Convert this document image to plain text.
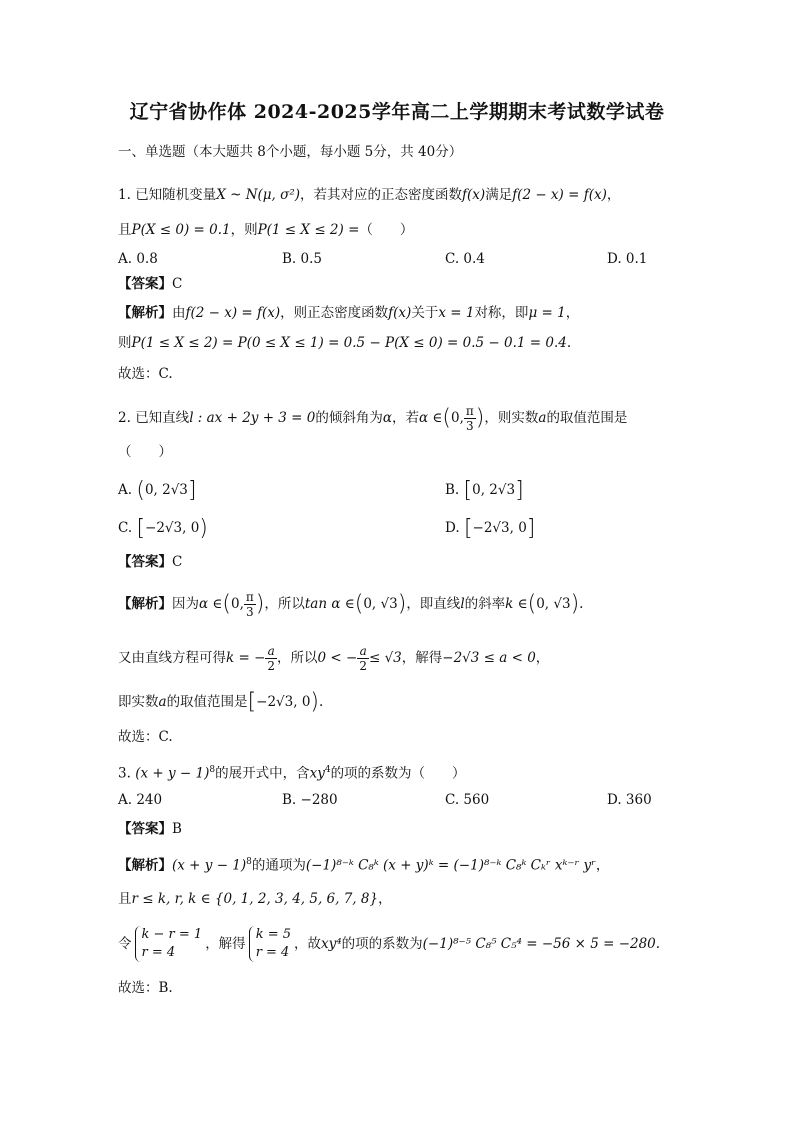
辽宁省协作体 2024-2025学年高二上学期期末考试数学试卷
一、单选题（本大题共 8个小题，每小题 5分，共 40分）
1. 已知随机变量X ~ N(μ, σ²)，若其对应的正态密度函数f(x)满足f(2 − x) = f(x)，
且P(X ≤ 0) = 0.1，则P(1 ≤ X ≤ 2) =（　　）
A. 0.8	B. 0.5	C. 0.4	D. 0.1
【答案】C
【解析】由f(2 − x) = f(x)，则正态密度函数f(x)关于x = 1对称，即μ = 1，
则P(1 ≤ X ≤ 2) = P(0 ≤ X ≤ 1) = 0.5 − P(X ≤ 0) = 0.5 − 0.1 = 0.4.
故选：C.
2. 已知直线l : ax + 2y + 3 = 0的倾斜角为α，若α ∈(0, $\frac{\pi}{3}$ )，则实数a的取值范围是
（　　）
A. (0, 2√3]	B. [0, 2√3]
C. [−2√3, 0)	D. [−2√3, 0]
【答案】C
【解析】因为α ∈(0, $\frac{\pi}{3}$ )，所以tan α ∈(0, √3)，即直线l的斜率k ∈(0, √3).
又由直线方程可得k = − $\frac{a}{2}$ ，所以0 < − $\frac{a}{2} \le √3$，解得−2√3 ≤ a < 0，
即实数a的取值范围是[−2√3, 0).
故选：C.
3. $(x + y - 1)^8$的展开式中，含$xy^4$的项的系数为（　　）
A. 240	B. −280	C. 560	D. 360
【答案】B
【解析】$(x + y - 1)^8$的通项为(−1)⁸⁻ᵏ C₈ᵏ (x + y)ᵏ = (−1)⁸⁻ᵏ C₈ᵏ Cₖʳ xᵏ⁻ʳ yʳ，
且r ≤ k, r, k ∈ {0, 1, 2, 3, 4, 5, 6, 7, 8}，
令
k − r = 1
r = 4
，解得
k = 5
r = 4
，故xy⁴的项的系数为(−1)⁸⁻⁵ C₈⁵ C₅⁴ = −56 × 5 = −280.
故选：B.
